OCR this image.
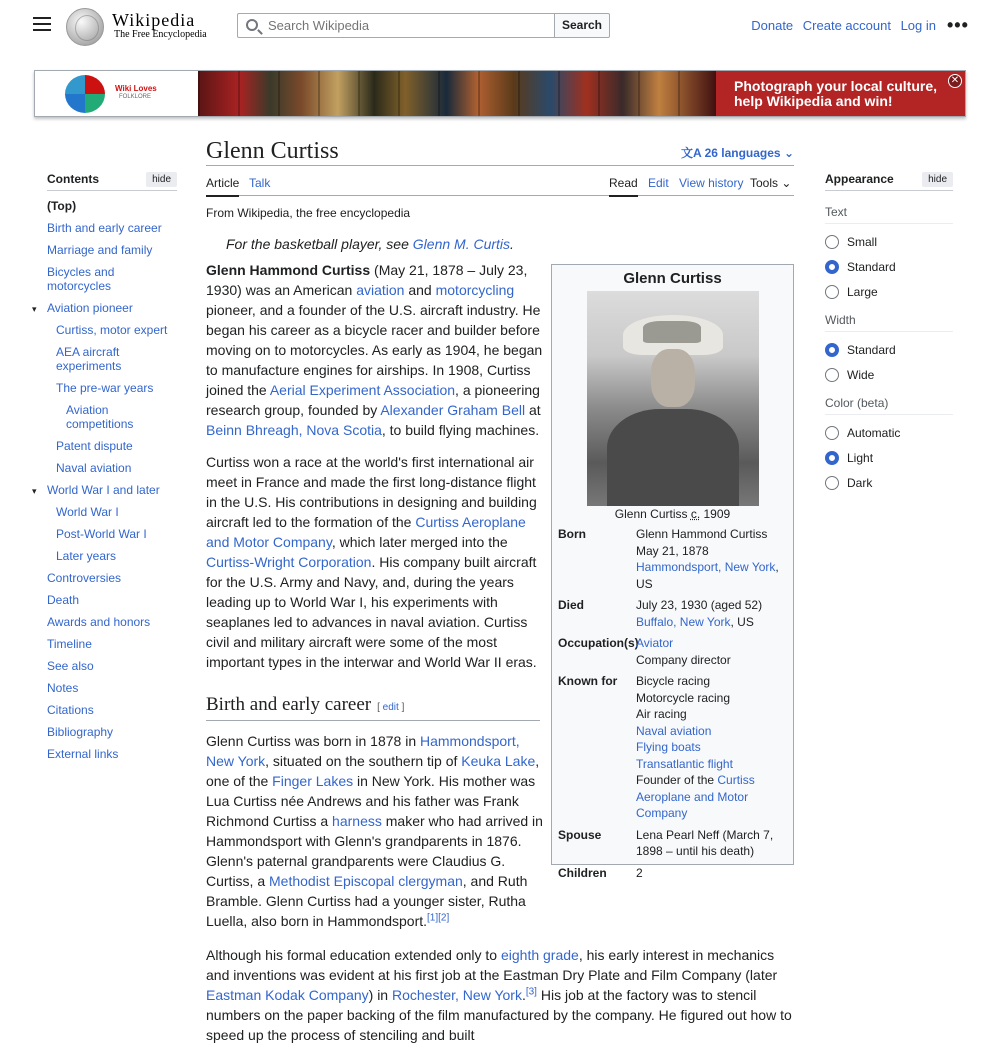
Wikipedia
The Free Encyclopedia
Search Wikipedia
Search	Donate Create account Log in •••
Wiki Loves
FOLKLORE
Photograph your local culture, help Wikipedia and win!
✕
Contents	hide
(Top)
Birth and early career
Marriage and family
Bicycles and motorcycles
▾ Aviation pioneer
Curtiss, motor expert
AEA aircraft experiments
The pre-war years
Aviation competitions
Patent dispute
Naval aviation
▾ World War I and later
World War I
Post-World War I
Later years
Controversies
Death
Awards and honors
Timeline
See also
Notes
Citations
Bibliography
External links
Appearance	hide
Text
Small
Standard
Large
Width
Standard
Wide
Color (beta)
Automatic
Light
Dark
Glenn Curtiss	文A 26 languages ⌄
Article Talk	Read Edit View history Tools ⌄
From Wikipedia, the free encyclopedia
For the basketball player, see Glenn M. Curtis.

Glenn Hammond Curtiss (May 21, 1878 – July 23, 1930) was an American aviation and motorcycling pioneer, and a founder of the U.S. aircraft industry. He began his career as a bicycle racer and builder before moving on to motorcycles. As early as 1904, he began to manufacture engines for airships. In 1908, Curtiss joined the Aerial Experiment Association, a pioneering research group, founded by Alexander Graham Bell at Beinn Bhreagh, Nova Scotia, to build flying machines.

Curtiss won a race at the world's first international air meet in France and made the first long-distance flight in the U.S. His contributions in designing and building aircraft led to the formation of the Curtiss Aeroplane and Motor Company, which later merged into the Curtiss-Wright Corporation. His company built aircraft for the U.S. Army and Navy, and, during the years leading up to World War I, his experiments with seaplanes led to advances in naval aviation. Curtiss civil and military aircraft were some of the most important types in the interwar and World War II eras.

Birth and early career [ edit ]

Glenn Curtiss was born in 1878 in Hammondsport, New York, situated on the southern tip of Keuka Lake, one of the Finger Lakes in New York. His mother was Lua Curtiss née Andrews and his father was Frank Richmond Curtiss a harness maker who had arrived in Hammondsport with Glenn's grandparents in 1876. Glenn's paternal grandparents were Claudius G. Curtiss, a Methodist Episcopal clergyman, and Ruth Bramble. Glenn Curtiss had a younger sister, Rutha Luella, also born in Hammondsport.[1][2]

Although his formal education extended only to eighth grade, his early interest in mechanics and inventions was evident at his first job at the Eastman Dry Plate and Film Company (later Eastman Kodak Company) in Rochester, New York.[3] His job at the factory was to stencil numbers on the paper backing of the film manufactured by the company. He figured out how to speed up the process of stenciling and built

Glenn Curtiss
Glenn Curtiss c. 1909
Born	Glenn Hammond Curtiss
May 21, 1878
Hammondsport, New York, US
Died	July 23, 1930 (aged 52)
Buffalo, New York, US
Occupation(s)
Aviator
Company director
Known for	Bicycle racing
Motorcycle racing
Air racing
Naval aviation
Flying boats
Transatlantic flight
Founder of the Curtiss Aeroplane and Motor Company
Spouse	Lena Pearl Neff (March 7, 1898 – until his death)
Children	2
